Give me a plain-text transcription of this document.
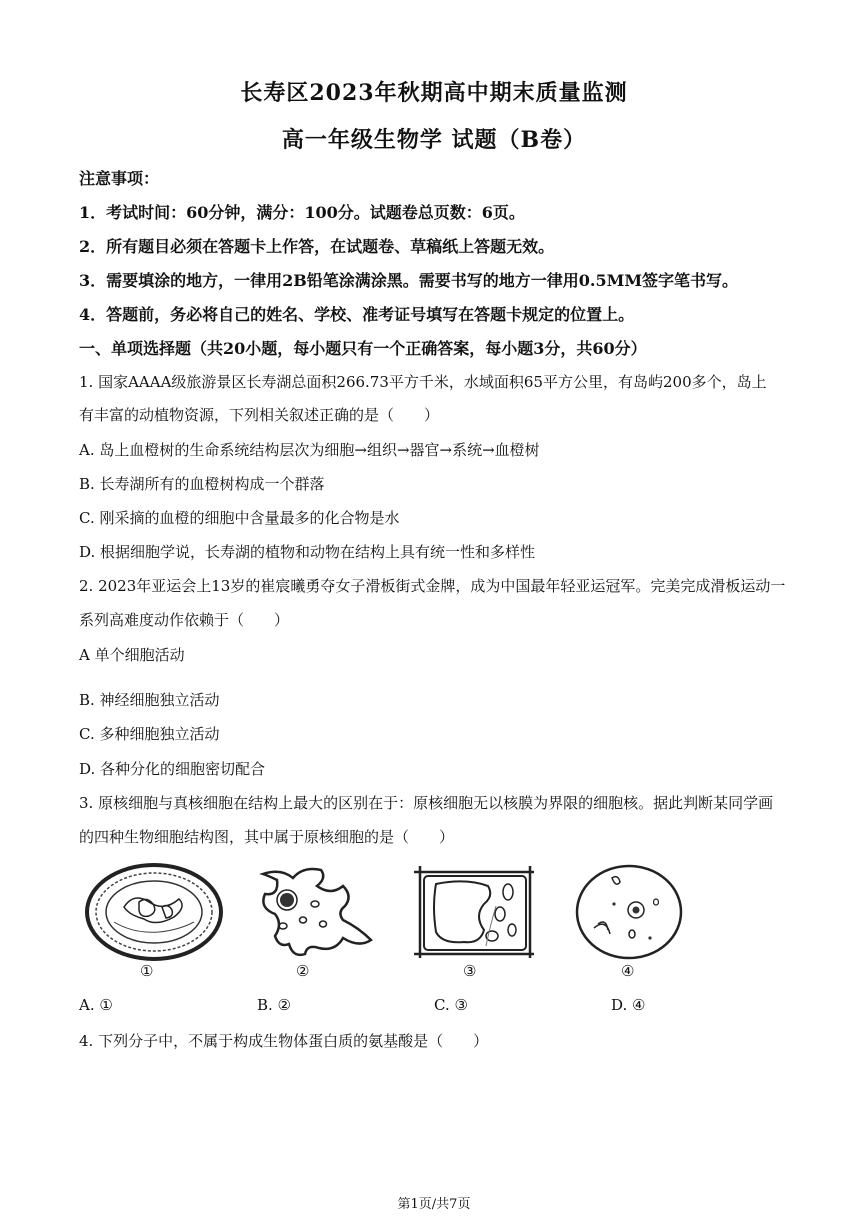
长寿区2023年秋期高中期末质量监测
高一年级生物学 试题（B卷）
注意事项：
1．考试时间：60分钟，满分：100分。试题卷总页数：6页。
2．所有题目必须在答题卡上作答，在试题卷、草稿纸上答题无效。
3．需要填涂的地方，一律用2B铅笔涂满涂黑。需要书写的地方一律用0.5MM签字笔书写。
4．答题前，务必将自己的姓名、学校、准考证号填写在答题卡规定的位置上。
一、单项选择题（共20小题，每小题只有一个正确答案，每小题3分，共60分）
1. 国家AAAA级旅游景区长寿湖总面积266.73平方千米，水域面积65平方公里，有岛屿200多个，岛上
有丰富的动植物资源，下列相关叙述正确的是（　　）
A. 岛上血橙树的生命系统结构层次为细胞→组织→器官→系统→血橙树
B. 长寿湖所有的血橙树构成一个群落
C. 刚采摘的血橙的细胞中含量最多的化合物是水
D. 根据细胞学说，长寿湖的植物和动物在结构上具有统一性和多样性
2. 2023年亚运会上13岁的崔宸曦勇夺女子滑板街式金牌，成为中国最年轻亚运冠军。完美完成滑板运动一
系列高难度动作依赖于（　　）
A 单个细胞活动
B. 神经细胞独立活动
C. 多种细胞独立活动
D. 各种分化的细胞密切配合
3. 原核细胞与真核细胞在结构上最大的区别在于：原核细胞无以核膜为界限的细胞核。据此判断某同学画
的四种生物细胞结构图，其中属于原核细胞的是（　　）
①	②	③	④
A. ①	B. ②	C. ③	D. ④
4. 下列分子中，不属于构成生物体蛋白质的氨基酸是（　　）
第1页/共7页
